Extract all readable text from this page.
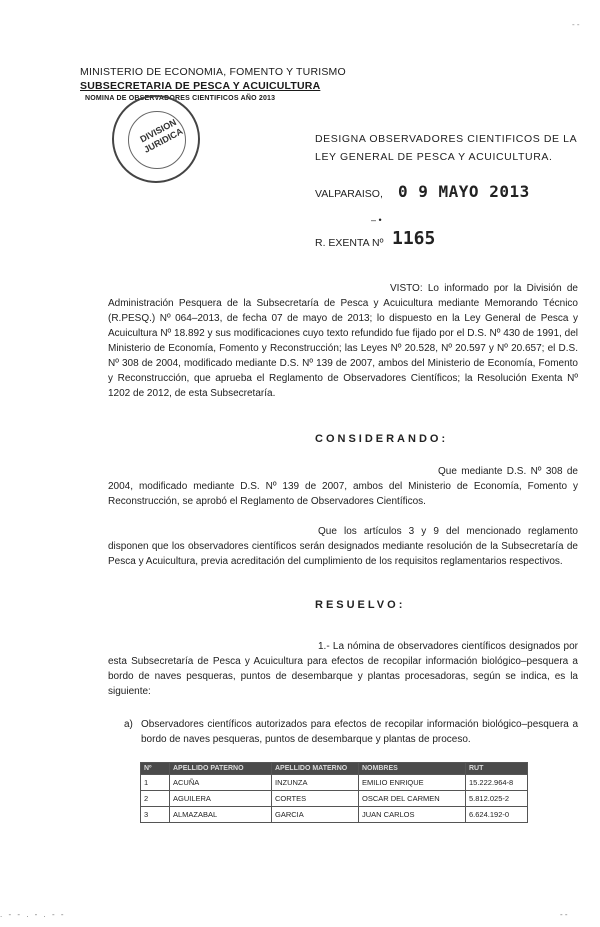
- -
MINISTERIO DE ECONOMIA, FOMENTO Y TURISMO
SUBSECRETARIA DE PESCA Y ACUICULTURA
NOMINA DE OBSERVADORES CIENTIFICOS AÑO 2013
DIVISION JURIDICA	DESIGNA OBSERVADORES CIENTIFICOS DE LA LEY GENERAL DE PESCA Y ACUICULTURA.
VALPARAISO, 0 9 MAYO 2013
– •
R. EXENTA Nº 1165
VISTO: Lo informado por la División de Administración Pesquera de la Subsecretaría de Pesca y Acuicultura mediante Memorando Técnico (R.PESQ.) Nº 064–2013, de fecha 07 de mayo de 2013; lo dispuesto en la Ley General de Pesca y Acuicultura Nº 18.892 y sus modificaciones cuyo texto refundido fue fijado por el D.S. Nº 430 de 1991, del Ministerio de Economía, Fomento y Reconstrucción; las Leyes Nº 20.528, Nº 20.597 y Nº 20.657; el D.S. Nº 308 de 2004, modificado mediante D.S. Nº 139 de 2007, ambos del Ministerio de Economía, Fomento y Reconstrucción, que aprueba el Reglamento de Observadores Científicos; la Resolución Exenta Nº 1202 de 2012, de esta Subsecretaría.
CONSIDERANDO:
Que mediante D.S. Nº 308 de 2004, modificado mediante D.S. Nº 139 de 2007, ambos del Ministerio de Economía, Fomento y Reconstrucción, se aprobó el Reglamento de Observadores Científicos.
Que los artículos 3 y 9 del mencionado reglamento disponen que los observadores científicos serán designados mediante resolución de la Subsecretaría de Pesca y Acuicultura, previa acreditación del cumplimiento de los requisitos reglamentarios respectivos.
RESUELVO:
1.- La nómina de observadores científicos designados por esta Subsecretaría de Pesca y Acuicultura para efectos de recopilar información biológico–pesquera a bordo de naves pesqueras, puntos de desembarque y plantas procesadoras, según se indica, es la siguiente:
a) Observadores científicos autorizados para efectos de recopilar información biológico–pesquera a bordo de naves pesqueras, puntos de desembarque y plantas de proceso.
Nº	APELLIDO PATERNO	APELLIDO MATERNO	NOMBRES	RUT
1	ACUÑA	INZUNZA	EMILIO ENRIQUE	15.222.964-8
2	AGUILERA	CORTES	OSCAR DEL CARMEN	5.812.025-2
3	ALMAZABAL	GARCIA	JUAN CARLOS	6.624.192-0
. - - . - . - -	- -
